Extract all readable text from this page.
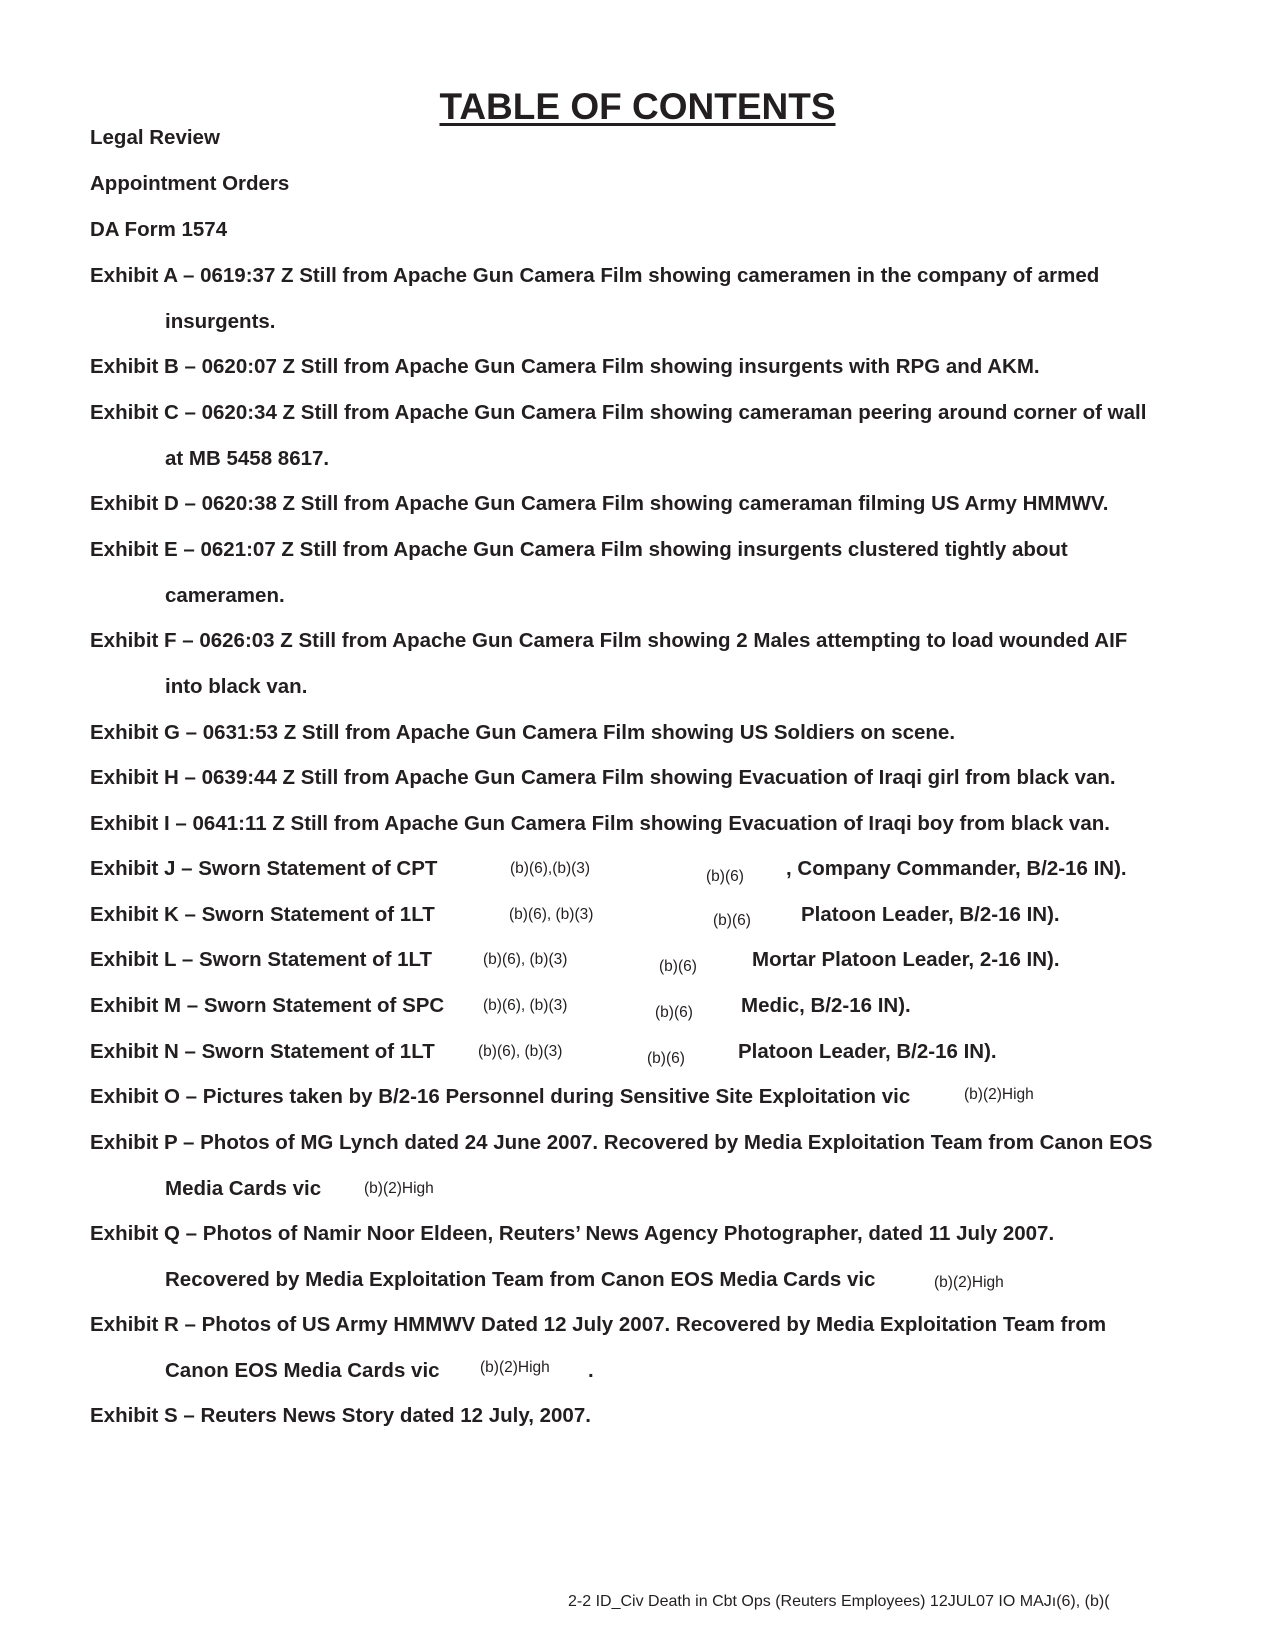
TABLE OF CONTENTS
Legal Review
Appointment Orders
DA Form 1574
Exhibit A – 0619:37 Z Still from Apache Gun Camera Film showing cameramen in the company of armed
insurgents.
Exhibit B – 0620:07 Z Still from Apache Gun Camera Film showing insurgents with RPG and AKM.
Exhibit C – 0620:34 Z Still from Apache Gun Camera Film showing cameraman peering around corner of wall
at MB 5458 8617.
Exhibit D – 0620:38 Z Still from Apache Gun Camera Film showing cameraman filming US Army HMMWV.
Exhibit E – 0621:07 Z Still from Apache Gun Camera Film showing insurgents clustered tightly about
cameramen.
Exhibit F – 0626:03 Z Still from Apache Gun Camera Film showing 2 Males attempting to load wounded AIF
into black van.
Exhibit G – 0631:53 Z Still from Apache Gun Camera Film showing US Soldiers on scene.
Exhibit H – 0639:44 Z Still from Apache Gun Camera Film showing Evacuation of Iraqi girl from black van.
Exhibit I – 0641:11 Z Still from Apache Gun Camera Film showing Evacuation of Iraqi boy from black van.
Exhibit J – Sworn Statement of CPT	(b)(6),(b)(3)	(b)(6) , Company Commander, B/2-16 IN).
Exhibit K – Sworn Statement of 1LT	(b)(6), (b)(3)	(b)(6) Platoon Leader, B/2-16 IN).
Exhibit L – Sworn Statement of 1LT	(b)(6), (b)(3)	(b)(6)	Mortar Platoon Leader, 2-16 IN).
Exhibit M – Sworn Statement of SPC	(b)(6), (b)(3)	(b)(6) Medic, B/2-16 IN).
Exhibit N – Sworn Statement of 1LT	(b)(6), (b)(3)	(b)(6)	Platoon Leader, B/2-16 IN).
Exhibit O – Pictures taken by B/2-16 Personnel during Sensitive Site Exploitation vic	(b)(2)High
Exhibit P – Photos of MG Lynch dated 24 June 2007. Recovered by Media Exploitation Team from Canon EOS
Media Cards vic	(b)(2)High
Exhibit Q – Photos of Namir Noor Eldeen, Reuters’ News Agency Photographer, dated 11 July 2007.
Recovered by Media Exploitation Team from Canon EOS Media Cards vic	(b)(2)High
Exhibit R – Photos of US Army HMMWV Dated 12 July 2007. Recovered by Media Exploitation Team from
Canon EOS Media Cards vic	(b)(2)High .
Exhibit S – Reuters News Story dated 12 July, 2007.
2-2 ID_Civ Death in Cbt Ops (Reuters Employees) 12JUL07 IO MAJı(6), (b)(
